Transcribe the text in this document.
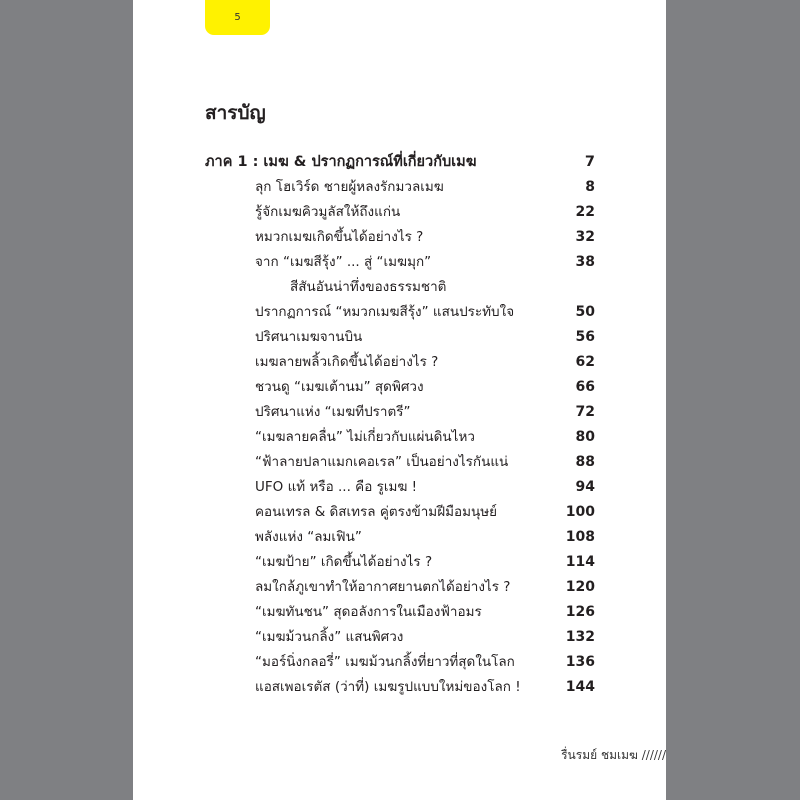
5
สารบัญ
ภาค 1 : เมฆ & ปรากฏการณ์ที่เกี่ยวกับเมฆ	7
ลุก โฮเวิร์ด ชายผู้หลงรักมวลเมฆ	8
รู้จักเมฆคิวมูลัสให้ถึงแก่น	22
หมวกเมฆเกิดขึ้นได้อย่างไร ?	32
จาก “เมฆสีรุ้ง” ... สู่ “เมฆมุก”	38
สีสันอันน่าทึ่งของธรรมชาติ
ปรากฏการณ์ “หมวกเมฆสีรุ้ง” แสนประทับใจ	50
ปริศนาเมฆจานบิน	56
เมฆลายพลิ้วเกิดขึ้นได้อย่างไร ?	62
ชวนดู “เมฆเต้านม” สุดพิศวง	66
ปริศนาแห่ง “เมฆทีปราตรี”	72
“เมฆลายคลื่น” ไม่เกี่ยวกับแผ่นดินไหว	80
“ฟ้าลายปลาแมกเคอเรล” เป็นอย่างไรกันแน่	88
UFO แท้ หรือ ... คือ รูเมฆ !	94
คอนเทรล & ดิสเทรล คู่ตรงข้ามฝีมือมนุษย์	100
พลังแห่ง “ลมเฟิน”	108
“เมฆป้าย” เกิดขึ้นได้อย่างไร ?	114
ลมใกล้ภูเขาทำให้อากาศยานตกได้อย่างไร ?	120
“เมฆทันชน” สุดอลังการในเมืองฟ้าอมร	126
“เมฆม้วนกลิ้ง” แสนพิศวง	132
“มอร์นิ่งกลอรี่” เมฆม้วนกลิ้งที่ยาวที่สุดในโลก	136
แอสเพอเรตัส (ว่าที่) เมฆรูปแบบใหม่ของโลก !	144
รื่นรมย์ ชมเมฆ //////
